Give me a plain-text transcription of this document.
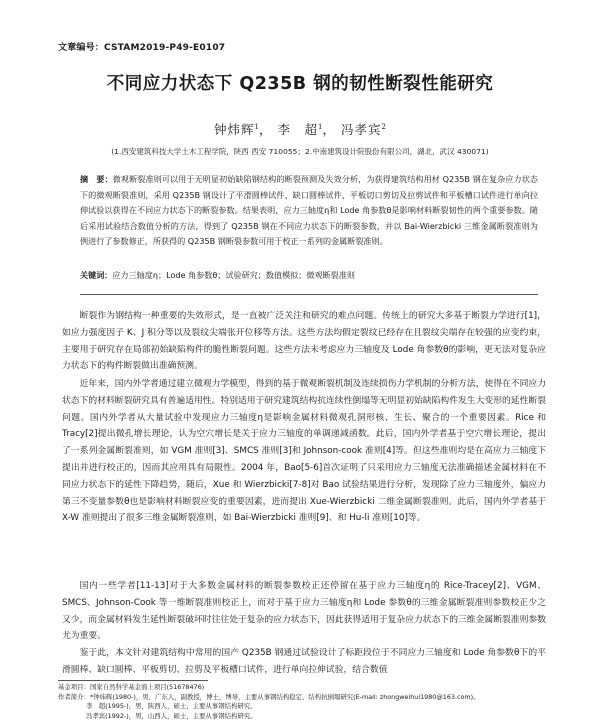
文章编号：CSTAM2019-P49-E0107
不同应力状态下 Q235B 钢的韧性断裂性能研究
钟炜辉$^1$， 李　超$^1$， 冯孝宾$^2$
(1.西安建筑科技大学土木工程学院，陕西 西安 710055；2.中南建筑设计院股份有限公司，湖北，武汉 430071)
摘　要：微观断裂准则可以用于无明显初始缺陷钢结构的断裂预测及失效分析，为获得建筑结构用材 Q235B 钢在复杂应力状态下的微观断裂准则，采用 Q235B 钢设计了平滑圆棒试件、缺口圆棒试件、平板切口剪切及拉剪试件和平板槽口试件进行单向拉伸试验以获得在不同应力状态下的断裂参数。结果表明，应力三轴度η和 Lode 角参数θ是影响材料断裂韧性的两个重要参数。随后采用试验结合数值分析的方法，得到了 Q235B 钢在不同应力状态下的断裂参数，并以 Bai-Wierzbicki 三维金属断裂准则为例进行了参数修正，所获得的 Q235B 钢断裂参数可用于校正一系列的金属断裂准则。
关键词：应力三轴度η；Lode 角参数θ；试验研究；数值模拟；微观断裂准则
断裂作为钢结构一种重要的失效形式，是一直被广泛关注和研究的难点问题。传统上的研究大多基于断裂力学进行[1]，如应力强度因子 K、J 积分等以及裂纹尖端张开位移等方法。这些方法均假定裂纹已经存在且裂纹尖端存在较强的应变约束，主要用于研究存在局部初始缺陷构件的脆性断裂问题。这些方法未考虑应力三轴度及 Lode 角参数θ的影响，更无法对复杂应力状态下的构件断裂做出准确预测。
近年来，国内外学者通过建立微观力学模型，得到的基于微观断裂机制及连续损伤力学机制的分析方法，使得在不同应力状态下的材料断裂研究具有普遍适用性。特别适用于研究建筑结构抗连续性倒塌等无明显初始缺陷构件发生大变形的延性断裂问题。国内外学者从大量试验中发现应力三轴度η是影响金属材料微观孔洞形核、生长、聚合的一个重要因素。Rice 和 Tracy[2]提出微孔增长理论，认为空穴增长是关于应力三轴度的单调递减函数。此后，国内外学者基于空穴增长理论，提出了一系列金属断裂准则，如 VGM 准则[3]、SMCS 准则[3]和 Johnson-cook 准则[4]等。但这些准则均是在高应力三轴度下提出并进行校正的，因而其应用具有局限性。2004 年，Bao[5-6]首次证明了只采用应力三轴度无法准确描述金属材料在不同应力状态下的延性下降趋势，随后，Xue 和 Wierzbicki[7-8]对 Bao 试验结果进行分析，发现除了应力三轴度外，偏应力第三不变量参数θ也是影响材料断裂应变的重要因素，进而提出 Xue-Wierzbicki 二维金属断裂准则。此后，国内外学者基于 X-W 准则提出了很多三维金属断裂准则，如 Bai-Wierzbicki 准则[9]、和 Hu-li 准则[10]等。
国内一些学者[11-13]对于大多数金属材料的断裂参数校正还停留在基于应力三轴度η的 Rice-Tracey[2]、VGM、SMCS、Johnson-Cook 等一维断裂准则校正上，而对于基于应力三轴度η和 Lode 参数θ的三维金属断裂准则参数校正少之又少，而金属材料发生延性断裂破坏时往往处于复杂的应力状态下，因此获得适用于复杂应力状态下的三维金属断裂准则参数尤为重要。
鉴于此，本文针对建筑结构中常用的国产 Q235B 钢通过试验设计了标距段位于不同应力三轴度和 Lode 角参数θ下的平滑圆棒、缺口圆棒、平板剪切、拉剪及平板槽口试件，进行单向拉伸试验，结合数值
基金项目：国家自然科学基金面上项目(51678476)
作者简介：*钟炜辉(1980-)，男，广东人，副教授，博士，博导，主要从事钢结构稳定、结构抗倒塌研究(E-mail: zhongweihui1980@163.com)。
李　超(1995-)，男，陕西人，硕士，主要从事钢结构研究。
冯孝宾(1992-)，男，山西人，硕士，主要从事钢结构研究。
